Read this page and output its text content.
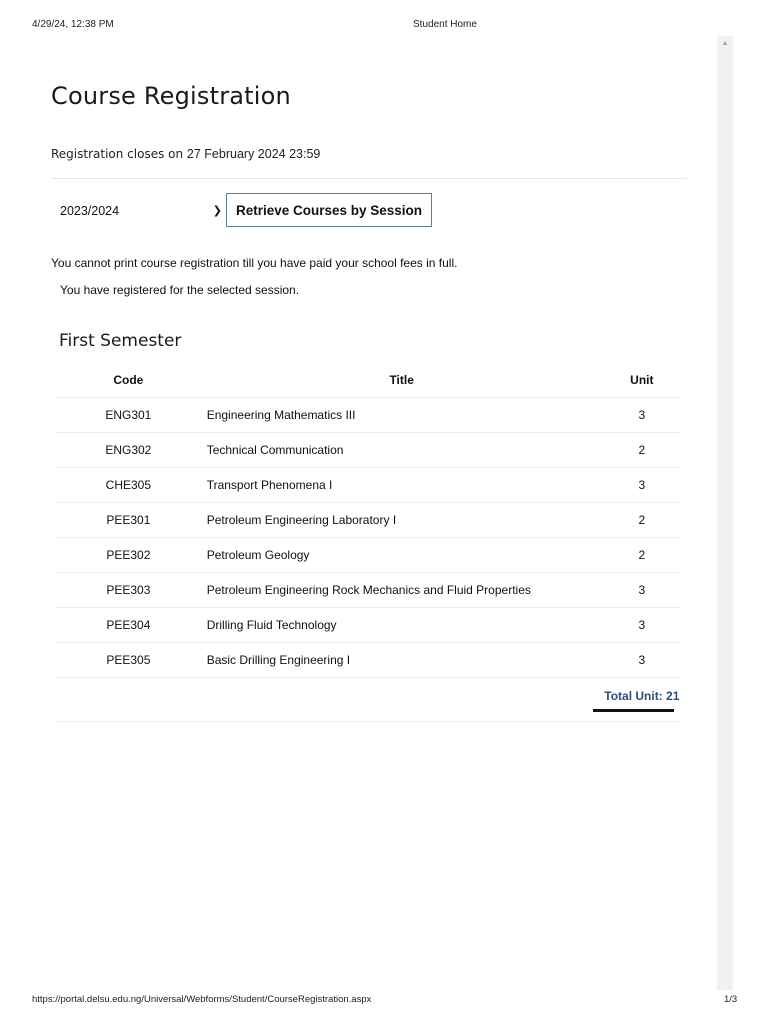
4/29/24, 12:38 PM	Student Home
▲
Course Registration
Registration closes on 27 February 2024 23:59
2023/2024	❯	Retrieve Courses by Session
You cannot print course registration till you have paid your school fees in full.
You have registered for the selected session.
First Semester
Code	Title	Unit
ENG301	Engineering Mathematics III	3
ENG302	Technical Communication	2
CHE305	Transport Phenomena I	3
PEE301	Petroleum Engineering Laboratory I	2
PEE302	Petroleum Geology	2
PEE303	Petroleum Engineering Rock Mechanics and Fluid Properties	3
PEE304	Drilling Fluid Technology	3
PEE305	Basic Drilling Engineering I	3
		Total Unit: 21
https://portal.delsu.edu.ng/Universal/Webforms/Student/CourseRegistration.aspx	1/3
